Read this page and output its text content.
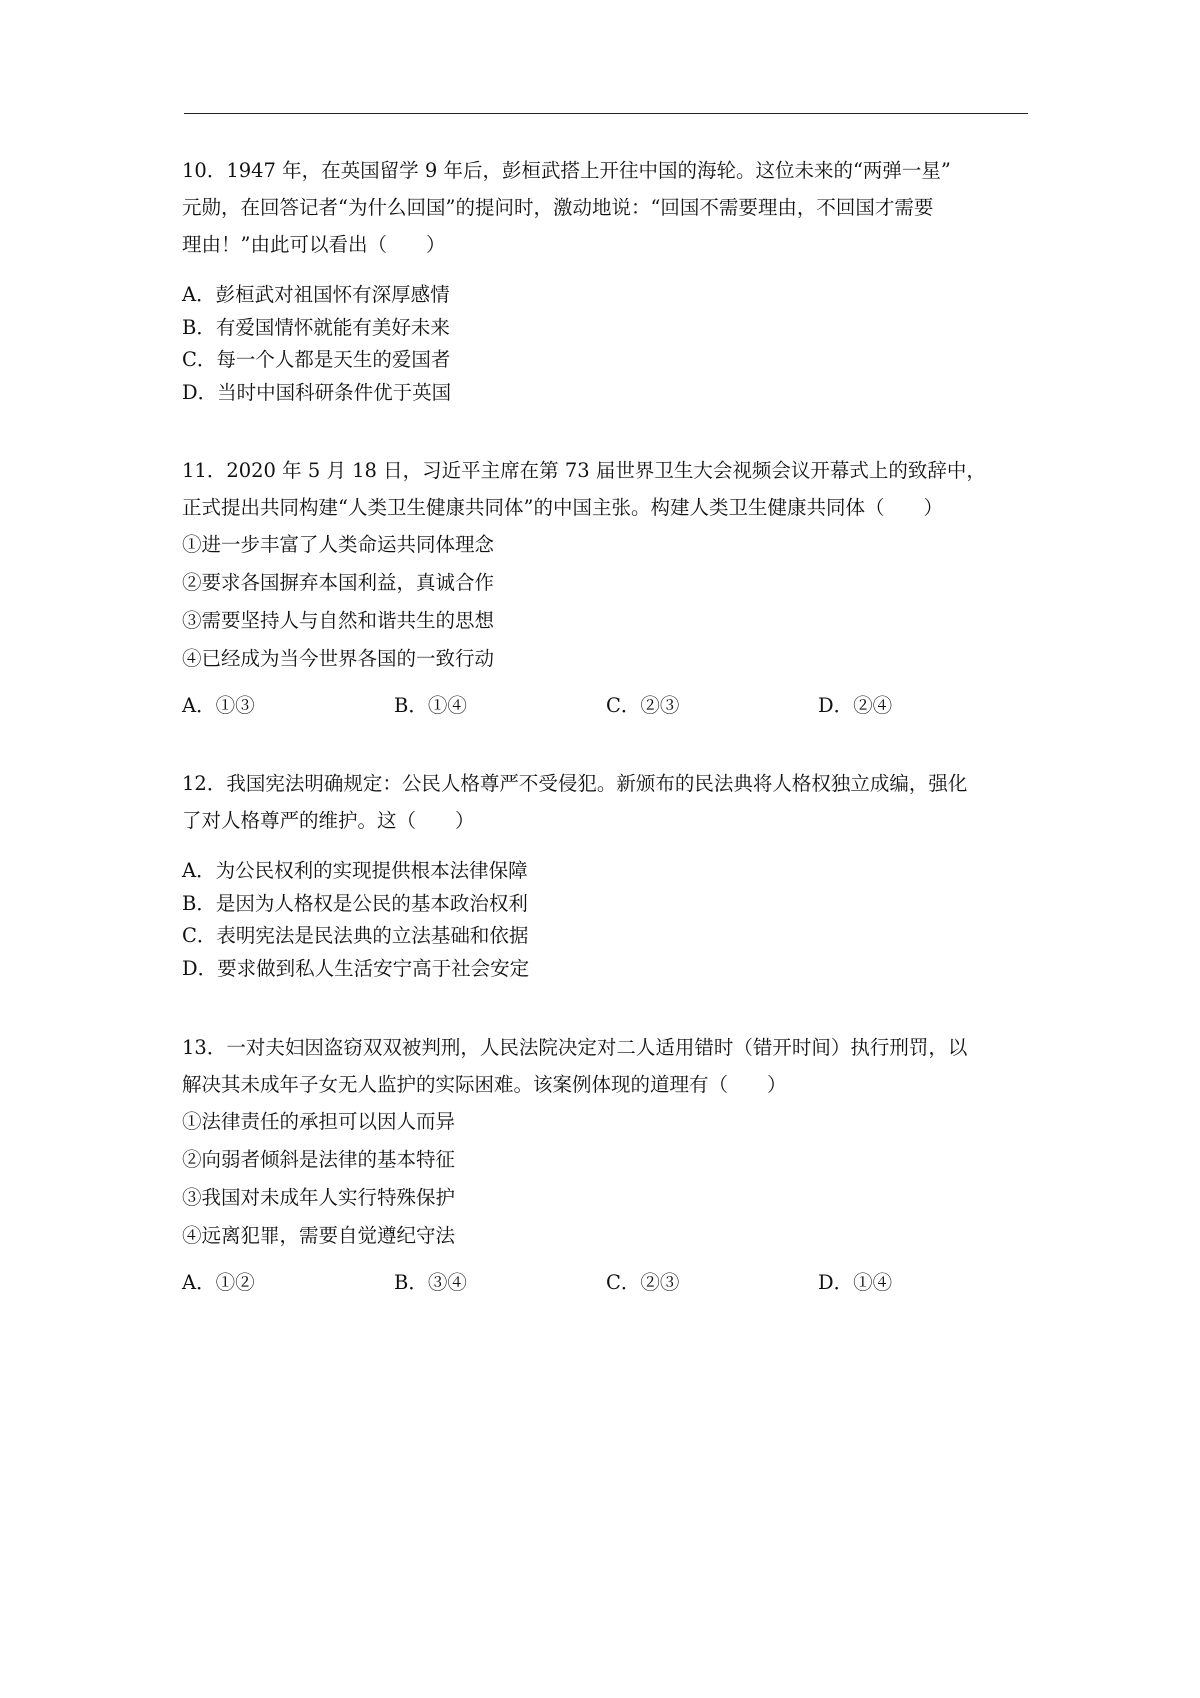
10．1947 年，在英国留学 9 年后，彭桓武搭上开往中国的海轮。这位未来的“两弹一星”

元勋，在回答记者“为什么回国”的提问时，激动地说：“回国不需要理由，不回国才需要

理由！”由此可以看出（　　）

A．彭桓武对祖国怀有深厚感情

B．有爱国情怀就能有美好未来

C．每一个人都是天生的爱国者

D．当时中国科研条件优于英国

11．2020 年 5 月 18 日，习近平主席在第 73 届世界卫生大会视频会议开幕式上的致辞中，

正式提出共同构建“人类卫生健康共同体”的中国主张。构建人类卫生健康共同体（　　）

①进一步丰富了人类命运共同体理念

②要求各国摒弃本国利益，真诚合作

③需要坚持人与自然和谐共生的思想

④已经成为当今世界各国的一致行动

A．①③	B．①④	C．②③	D．②④

12．我国宪法明确规定：公民人格尊严不受侵犯。新颁布的民法典将人格权独立成编，强化

了对人格尊严的维护。这（　　）

A．为公民权利的实现提供根本法律保障

B．是因为人格权是公民的基本政治权利

C．表明宪法是民法典的立法基础和依据

D．要求做到私人生活安宁高于社会安定

13．一对夫妇因盗窃双双被判刑，人民法院决定对二人适用错时（错开时间）执行刑罚，以

解决其未成年子女无人监护的实际困难。该案例体现的道理有（　　）

①法律责任的承担可以因人而异

②向弱者倾斜是法律的基本特征

③我国对未成年人实行特殊保护

④远离犯罪，需要自觉遵纪守法

A．①②	B．③④	C．②③	D．①④
